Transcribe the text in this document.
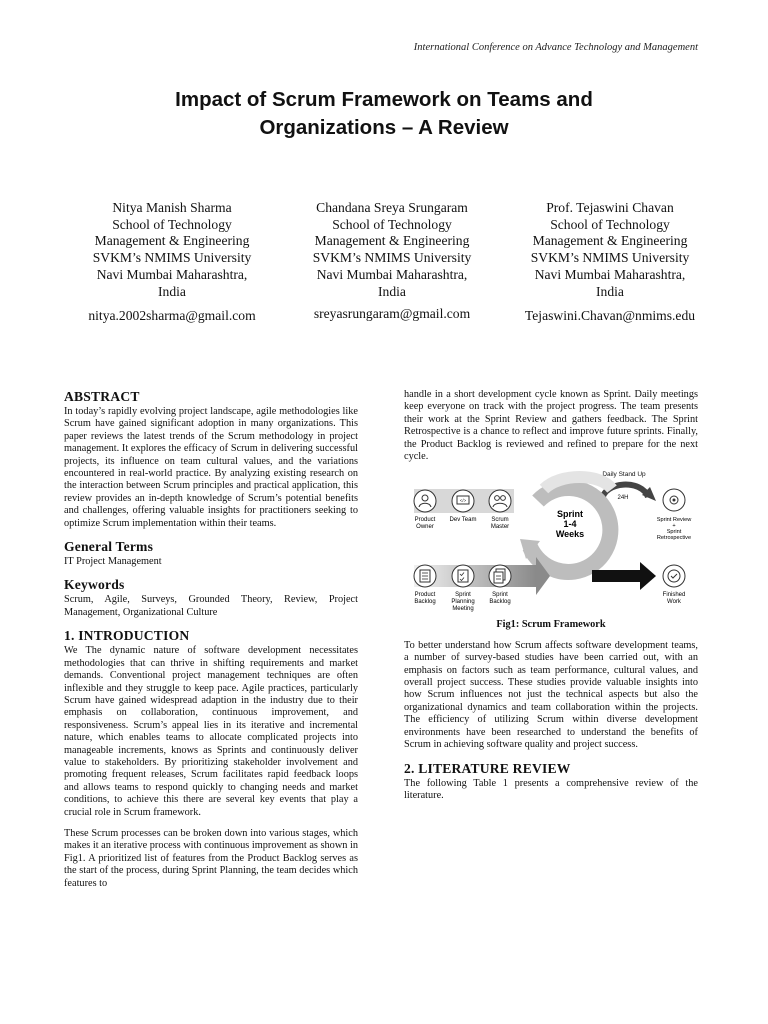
International Conference on Advance Technology and Management
Impact of Scrum Framework on Teams and
Organizations – A Review
Nitya Manish Sharma
School of Technology
Management & Engineering
SVKM’s NMIMS University
Navi Mumbai Maharashtra,
India
nitya.2002sharma@gmail.com
Chandana Sreya Srungaram
School of Technology
Management & Engineering
SVKM’s NMIMS University
Navi Mumbai Maharashtra,
India
sreyasrungaram@gmail.com
Prof. Tejaswini Chavan
School of Technology
Management & Engineering
SVKM’s NMIMS University
Navi Mumbai Maharashtra,
India
Tejaswini.Chavan@nmims.edu
ABSTRACT

In today’s rapidly evolving project landscape, agile methodologies like Scrum have gained significant adoption in many organizations. This paper reviews the latest trends of the Scrum methodology in project management. It explores the efficacy of Scrum in delivering successful projects, its influence on team cultural values, and the variations encountered in real-world practice. By analyzing existing research on the interaction between Scrum principles and practical application, this review provides an in-depth knowledge of Scrum’s potential benefits and challenges, offering valuable insights for practitioners seeking to optimize Scrum implementation within their teams.

General Terms

IT Project Management

Keywords

Scrum, Agile, Surveys, Grounded Theory, Review, Project Management, Organizational Culture

1. INTRODUCTION

We The dynamic nature of software development necessitates methodologies that can thrive in shifting requirements and market demands. Conventional project management techniques are often inflexible and they struggle to keep pace. Agile practices, particularly Scrum have gained widespread adaption in the industry due to their emphasis on collaboration, continuous improvement, and responsiveness. Scrum’s appeal lies in its iterative and incremental nature, which enables teams to allocate complicated projects into manageable increments, knows as Sprints and continuously deliver value to stakeholders. By prioritizing stakeholder involvement and promoting frequent releases, Scrum facilitates rapid feedback loops and allows teams to respond quickly to changing needs and market conditions, to achieve this there are several key events that play a crucial role in Scrum framework.

These Scrum processes can be broken down into various stages, which makes it an iterative process with continuous improvement as shown in Fig1. A prioritized list of features from the Product Backlog serves as the start of the process, during Sprint Planning, the team decides which features to

handle in a short development cycle known as Sprint. Daily meetings keep everyone on track with the project progress. The team presents their work at the Sprint Review and gathers feedback. The Sprint Retrospective is a chance to reflect and improve future sprints. Finally, the Product Backlog is reviewed and refined to prepare for the next cycle.

Daily Stand Up
24H
Product
Owner
</>
Dev Team Scrum
Master
Sprint
1-4
Weeks
Sprint Review
+
Sprint
Retrospective
Product
Backlog
Sprint
Planning
Meeting
Sprint
Backlog
Finished
Work
Fig1: Scrum Framework

To better understand how Scrum affects software development teams, a number of survey-based studies have been carried out, with an emphasis on factors such as team performance, cultural values, and overall project success. These studies provide valuable insights into how Scrum influences not just the technical aspects but also the organizational dynamics and team collaboration within the projects. The efficiency of utilizing Scrum within diverse development environments have been researched to understand the benefits of Scrum in achieving software quality and project success.

2. LITERATURE REVIEW

The following Table 1 presents a comprehensive review of the literature.
